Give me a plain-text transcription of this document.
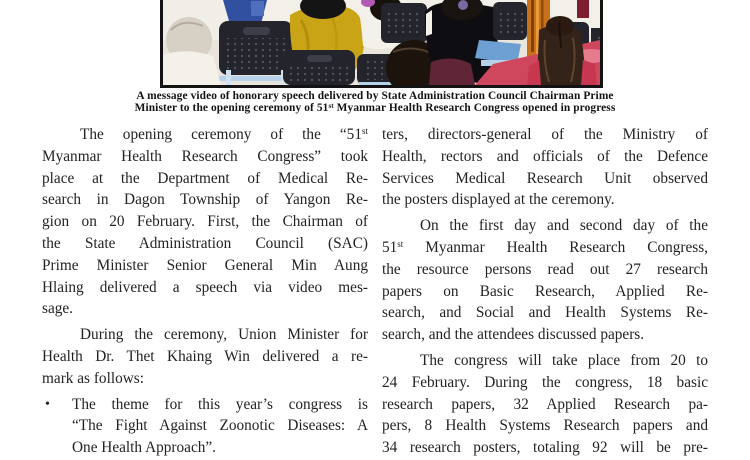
A message video of honorary speech delivered by State Administration Council Chairman Prime
Minister to the opening ceremony of 51st Myanmar Health Research Congress opened in progress
The opening ceremony of the “51st
Myanmar Health Research Congress” took
place at the Department of Medical Re-
search in Dagon Township of Yangon Re-
gion on 20 February. First, the Chairman of
the State Administration Council (SAC)
Prime Minister Senior General Min Aung
Hlaing delivered a speech via video mes-
sage.
During the ceremony, Union Minister for
Health Dr. Thet Khaing Win delivered a re-
mark as follows:
•	The theme for this year’s congress is
“The Fight Against Zoonotic Diseases: A
One Health Approach”.
ters, directors-general of the Ministry of
Health, rectors and officials of the Defence
Services Medical Research Unit observed
the posters displayed at the ceremony.
On the first day and second day of the
51st Myanmar Health Research Congress,
the resource persons read out 27 research
papers on Basic Research, Applied Re-
search, and Social and Health Systems Re-
search, and the attendees discussed papers.
The congress will take place from 20 to
24 February. During the congress, 18 basic
research papers, 32 Applied Research pa-
pers, 8 Health Systems Research papers and
34 research posters, totaling 92 will be pre-
